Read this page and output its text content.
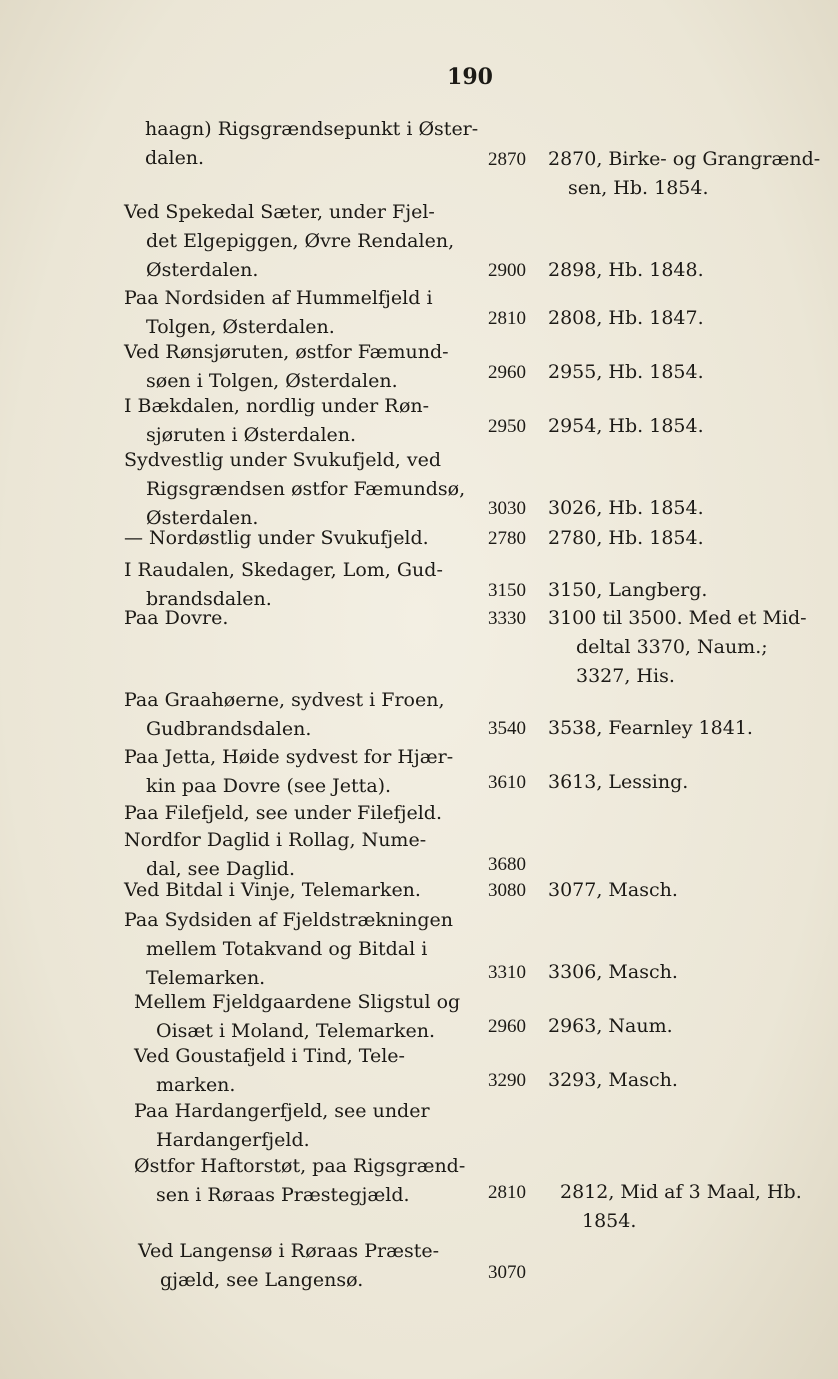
190
haagn) Rigsgrændsepunkt i Øster-
dalen.	2870	2870, Birke- og Grangrænd-
sen, Hb. 1854.
Ved Spekedal Sæter, under Fjel-
det Elgepiggen, Øvre Rendalen,
Østerdalen.	2900	2898, Hb. 1848.
Paa Nordsiden af Hummelfjeld i
Tolgen, Østerdalen.	2810	2808, Hb. 1847.
Ved Rønsjøruten, østfor Fæmund-
søen i Tolgen, Østerdalen.	2960	2955, Hb. 1854.
I Bækdalen, nordlig under Røn-
sjøruten i Østerdalen.	2950	2954, Hb. 1854.
Sydvestlig under Svukufjeld, ved
Rigsgrændsen østfor Fæmundsø,
Østerdalen.	3030	3026, Hb. 1854.
— Nordøstlig under Svukufjeld.	2780	2780, Hb. 1854.
I Raudalen, Skedager, Lom, Gud-
brandsdalen.	3150	3150, Langberg.
Paa Dovre.	3330	3100 til 3500. Med et Mid-
deltal 3370, Naum.;
3327, His.
Paa Graahøerne, sydvest i Froen,
Gudbrandsdalen.	3540	3538, Fearnley 1841.
Paa Jetta, Høide sydvest for Hjær-
kin paa Dovre (see Jetta).	3610	3613, Lessing.
Paa Filefjeld, see under Filefjeld.
Nordfor Daglid i Rollag, Nume-
dal, see Daglid.	3680
Ved Bitdal i Vinje, Telemarken.	3080	3077, Masch.
Paa Sydsiden af Fjeldstrækningen
mellem Totakvand og Bitdal i
Telemarken.	3310	3306, Masch.
Mellem Fjeldgaardene Sligstul og
Oisæt i Moland, Telemarken.	2960	2963, Naum.
Ved Goustafjeld i Tind, Tele-
marken.	3290	3293, Masch.
Paa Hardangerfjeld, see under
Hardangerfjeld.
Østfor Haftorstøt, paa Rigsgrænd-
sen i Røraas Præstegjæld.	2810	2812, Mid af 3 Maal, Hb.
1854.
Ved Langensø i Røraas Præste-
gjæld, see Langensø.	3070
